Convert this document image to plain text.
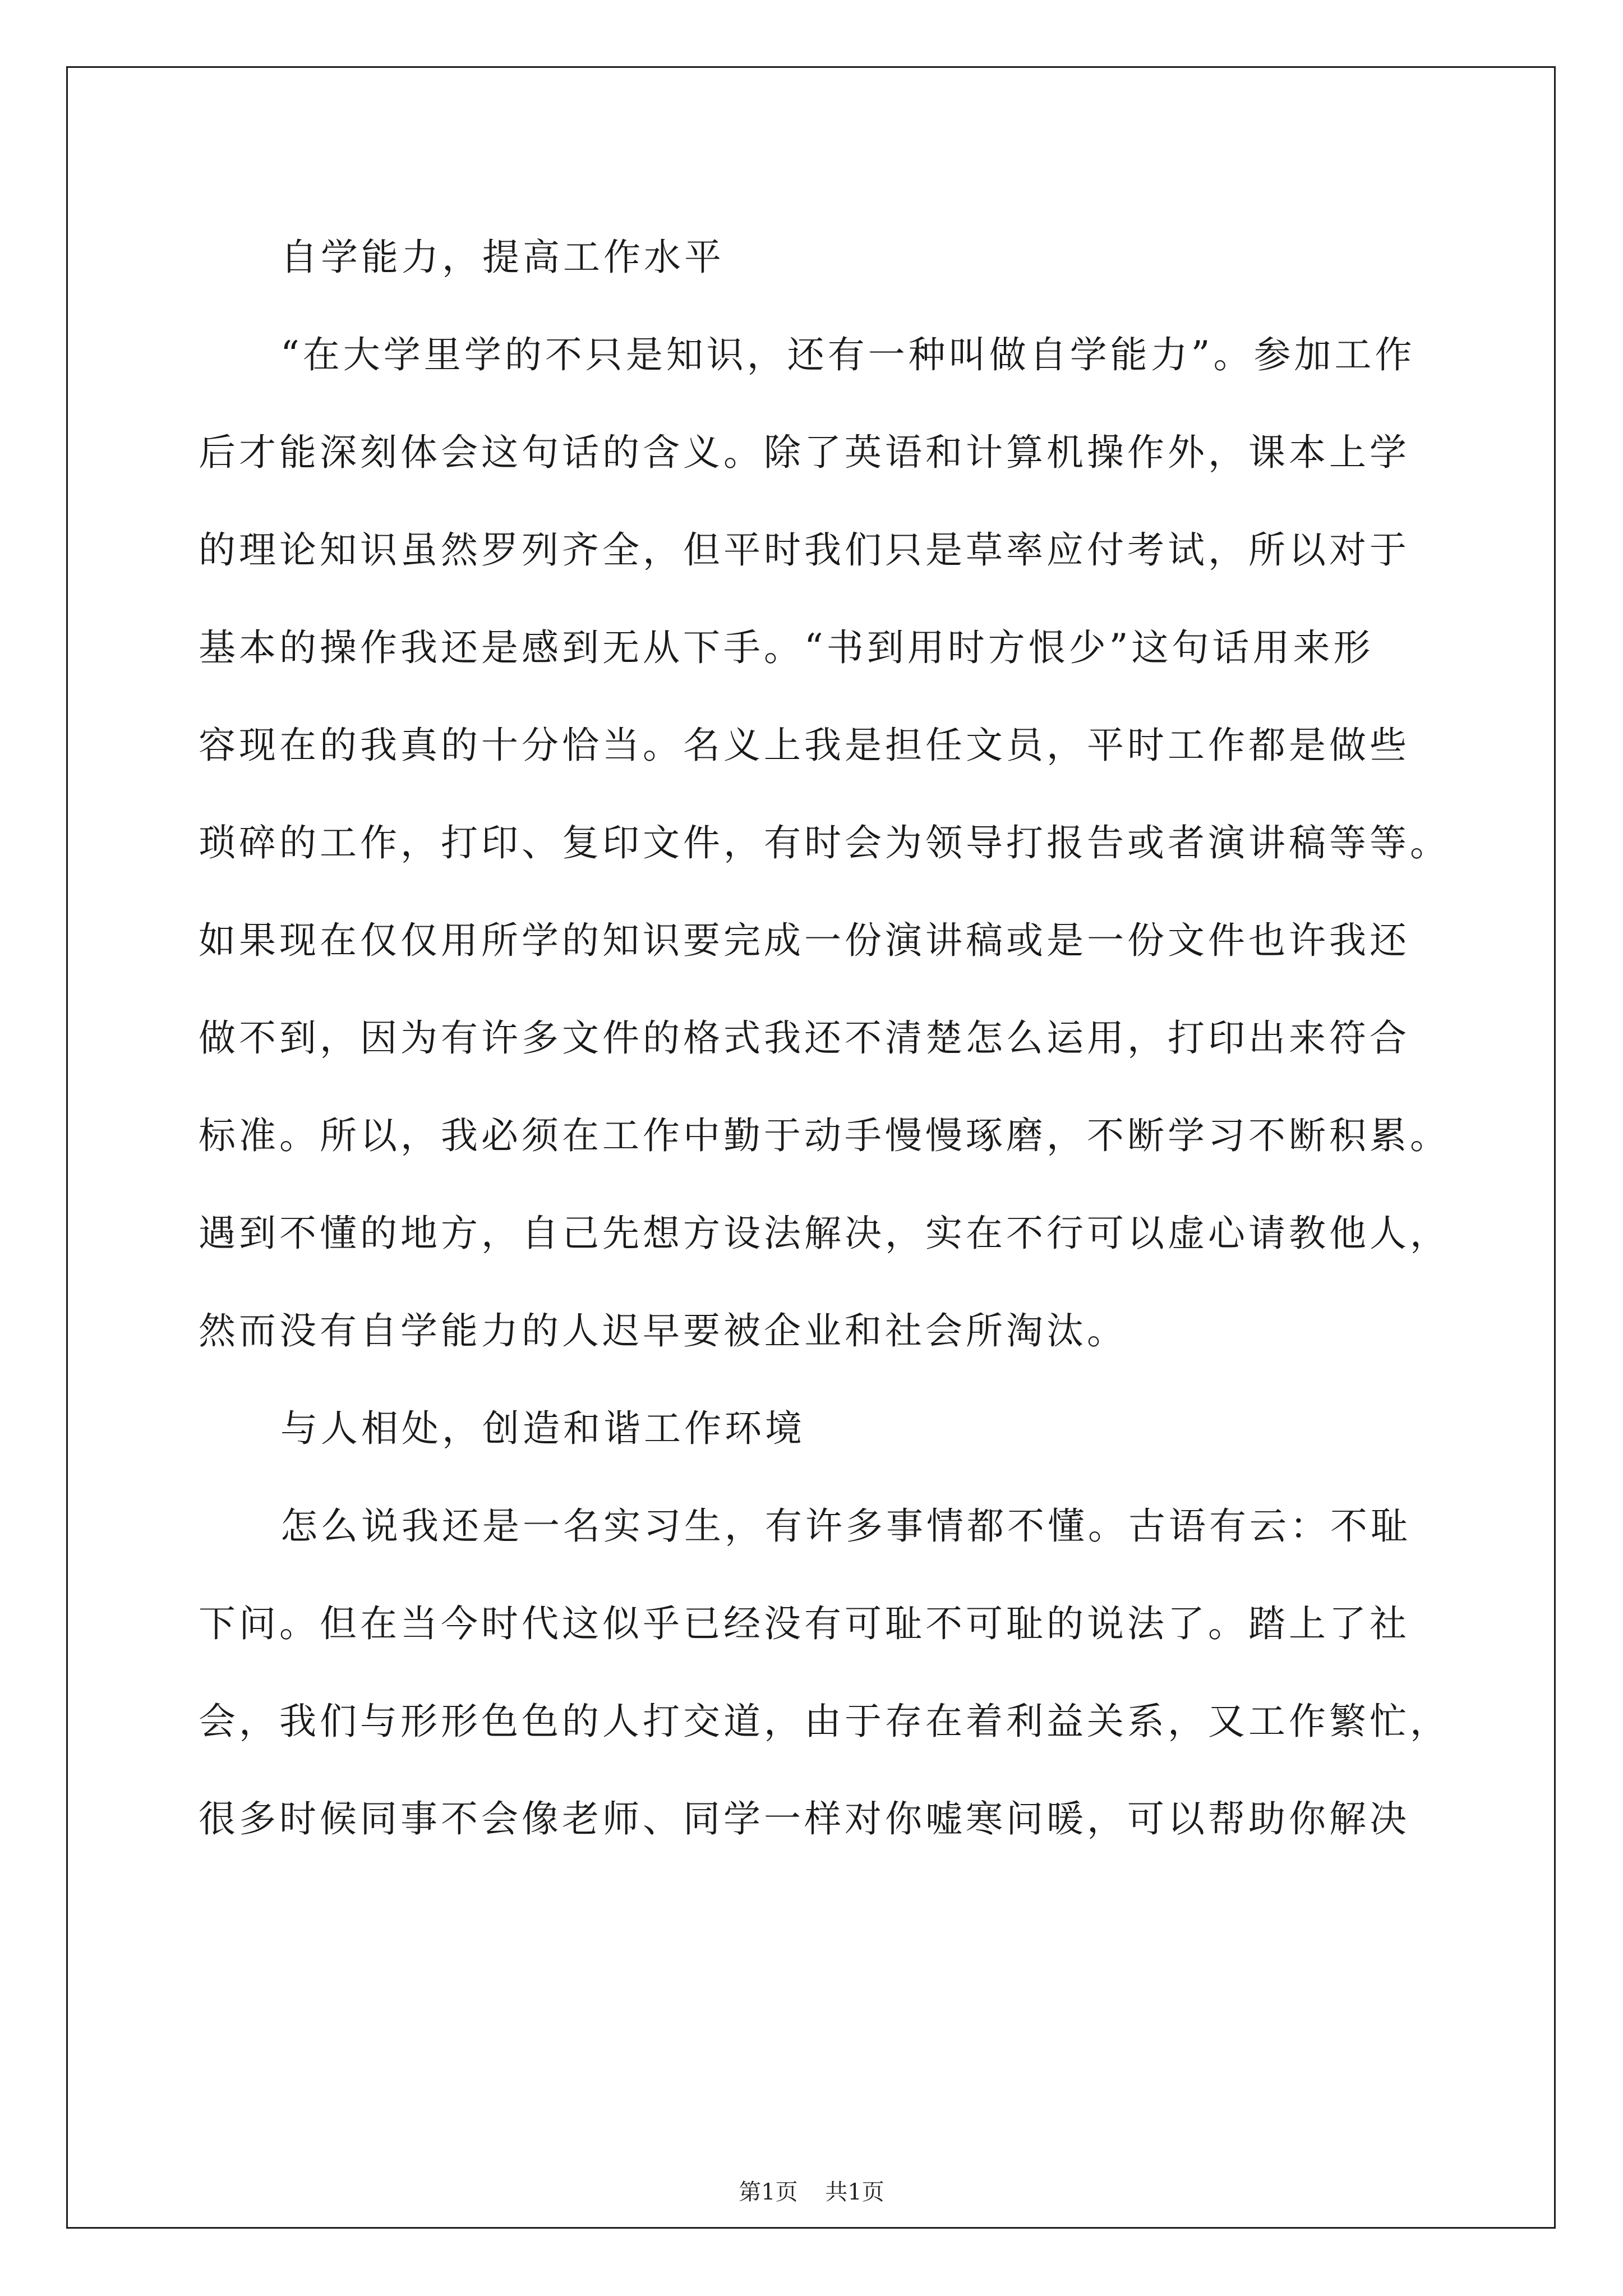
自学能力，提高工作水平
“在大学里学的不只是知识，还有一种叫做自学能力”。参加工作
后才能深刻体会这句话的含义。除了英语和计算机操作外，课本上学
的理论知识虽然罗列齐全，但平时我们只是草率应付考试，所以对于
基本的操作我还是感到无从下手。“书到用时方恨少”这句话用来形
容现在的我真的十分恰当。名义上我是担任文员，平时工作都是做些
琐碎的工作，打印、复印文件，有时会为领导打报告或者演讲稿等等。
如果现在仅仅用所学的知识要完成一份演讲稿或是一份文件也许我还
做不到，因为有许多文件的格式我还不清楚怎么运用，打印出来符合
标准。所以，我必须在工作中勤于动手慢慢琢磨，不断学习不断积累。
遇到不懂的地方，自己先想方设法解决，实在不行可以虚心请教他人，
然而没有自学能力的人迟早要被企业和社会所淘汰。
与人相处，创造和谐工作环境
怎么说我还是一名实习生，有许多事情都不懂。古语有云：不耻
下问。但在当今时代这似乎已经没有可耻不可耻的说法了。踏上了社
会，我们与形形色色的人打交道，由于存在着利益关系，又工作繁忙，
很多时候同事不会像老师、同学一样对你嘘寒问暖，可以帮助你解决
第1页 共1页
